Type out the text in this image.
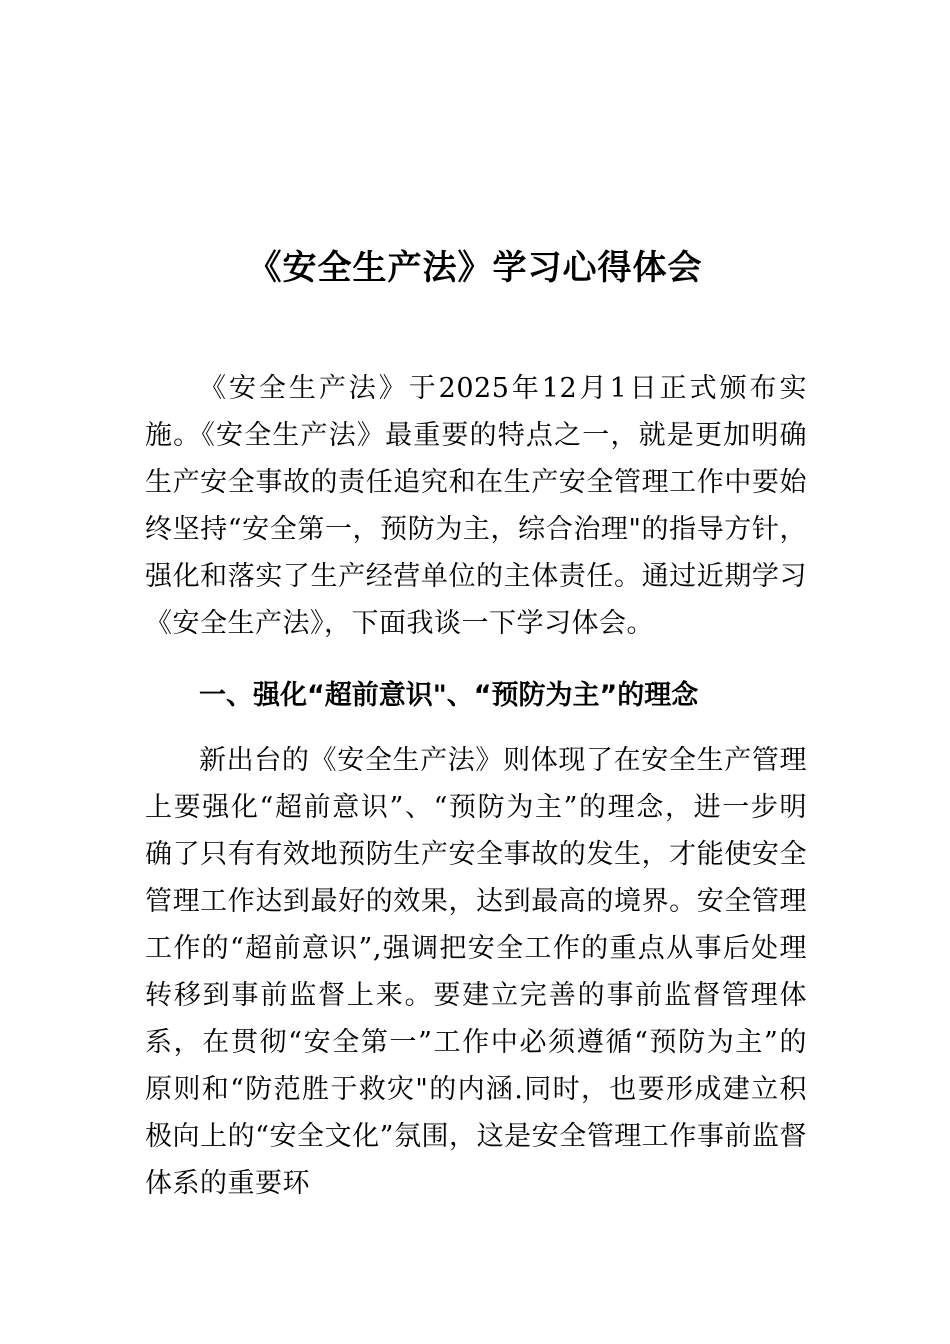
《安全生产法》学习心得体会
《安全生产法》于2025年12月1日正式颁布实施。《安全生产法》最重要的特点之一，就是更加明确生产安全事故的责任追究和在生产安全管理工作中要始终坚持“安全第一，预防为主，综合治理"的指导方针，强化和落实了生产经营单位的主体责任。通过近期学习《安全生产法》，下面我谈一下学习体会。
一、强化“超前意识"、“预防为主”的理念
新出台的《安全生产法》则体现了在安全生产管理上要强化“超前意识”、“预防为主”的理念，进一步明确了只有有效地预防生产安全事故的发生，才能使安全管理工作达到最好的效果，达到最高的境界。安全管理工作的“超前意识”,强调把安全工作的重点从事后处理转移到事前监督上来。要建立完善的事前监督管理体系，在贯彻“安全第一”工作中必须遵循“预防为主”的原则和“防范胜于救灾"的内涵.同时，也要形成建立积极向上的“安全文化”氛围，这是安全管理工作事前监督体系的重要环
